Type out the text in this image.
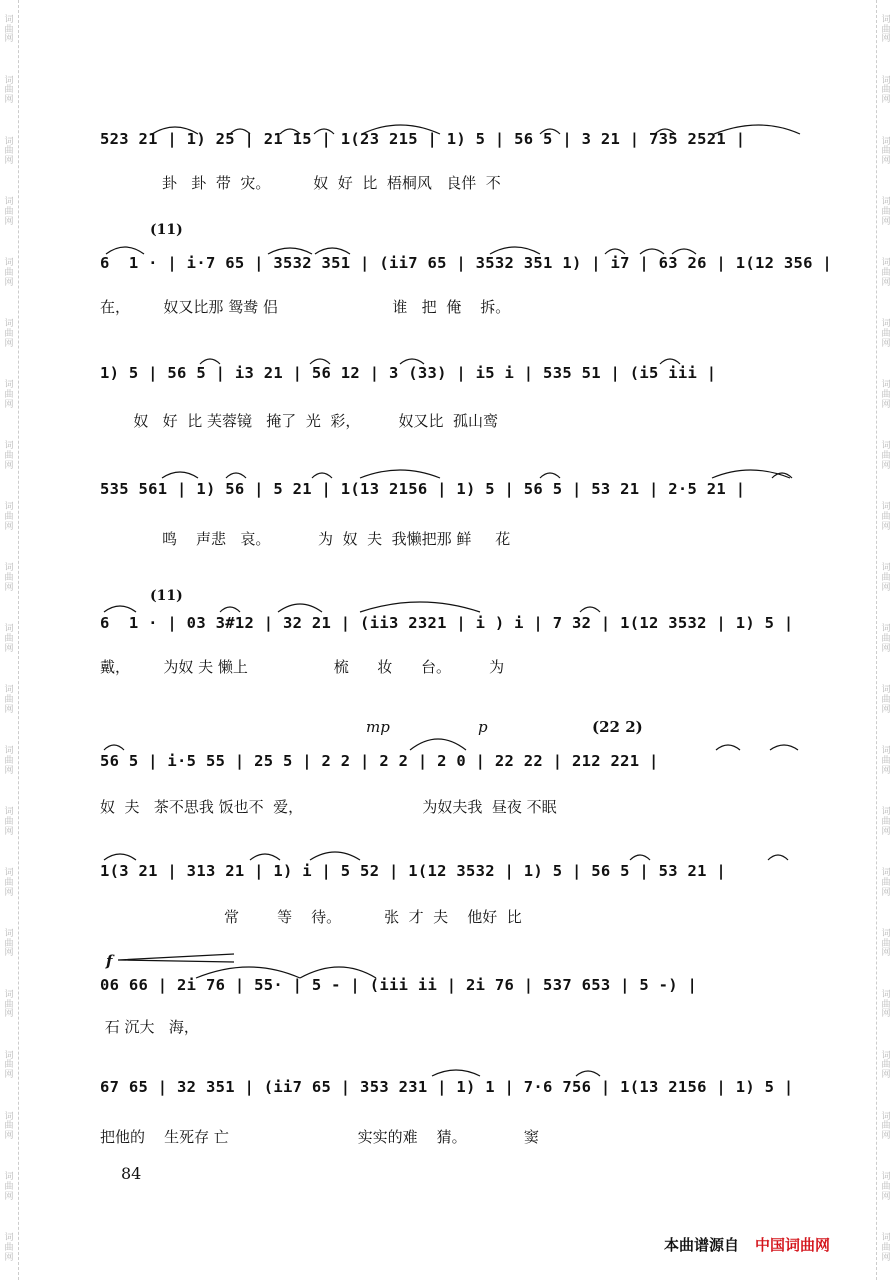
词
曲
网
词
曲
网
词
曲
网
词
曲
网
词
曲
网
词
曲
网
词
曲
网
词
曲
网
词
曲
网
词
曲
网
词
曲
网
词
曲
网
词
曲
网
词
曲
网
词
曲
网
词
曲
网
词
曲
网
词
曲
网
词
曲
网
词
曲
网
词
曲
网
词
曲
网
词
曲
网
词
曲
网
词
曲
网
词
曲
网
词
曲
网
词
曲
网
词
曲
网
词
曲
网
词
曲
网
词
曲
网
词
曲
网
词
曲
网
词
曲
网
词
曲
网
词
曲
网
词
曲
网
词
曲
网
词
曲
网
词
曲
网
词
曲
网
523 21 | 1) 25 | 21 15 | 1(23 215 | 1) 5 | 56 5 | 3 21 | 735 2521 |
卦   卦  带  灾。         奴  好  比  梧桐风   良伴  不
(11)
6  1 · | i·7 65 | 3532 351 | (ii7 65 | 3532 351 1) | i7 | 63 26 | 1(12 356 |
在，       奴又比那 鸳鸯 侣                        谁   把  俺    拆。
1) 5 | 56 5 | i3 21 | 56 12 | 3 (33) | i5 i | 535 51 | (i5 iii |
奴   好  比 芙蓉镜   掩了  光  彩，        奴又比  孤山鸾
535 561 | 1) 56 | 5 21 | 1(13 2156 | 1) 5 | 56 5 | 53 21 | 2·5 21 |
鸣    声悲   哀。          为  奴  夫  我懒把那 鲜     花
(11)
6  1 · | 03 3#12 | 32 21 | (ii3 2321 | i ) i | 7 32 | 1(12 3532 | 1) 5 |
戴，       为奴 夫 懒上                  梳      妆      台。        为
mp	p	(22 2)
56 5 | i·5 55 | 25 5 | 2 2 | 2 2 | 2 0 | 22 22 | 212 221 |
奴  夫   茶不思我 饭也不  爱，                         为奴夫我  昼夜 不眠
1(3 21 | 313 21 | 1) i | 5 52 | 1(12 3532 | 1) 5 | 56 5 | 53 21 |
常        等    待。         张  才  夫    他好  比
f
06 66 | 2i 76 | 55· | 5 - | (iii ii | 2i 76 | 537 653 | 5 -) |
石 沉大   海，
67 65 | 32 351 | (ii7 65 | 353 231 | 1) 1 | 7·6 756 | 1(13 2156 | 1) 5 |
把他的    生死存 亡                           实实的难    猜。            窦
84
本曲谱源自 中国词曲网
